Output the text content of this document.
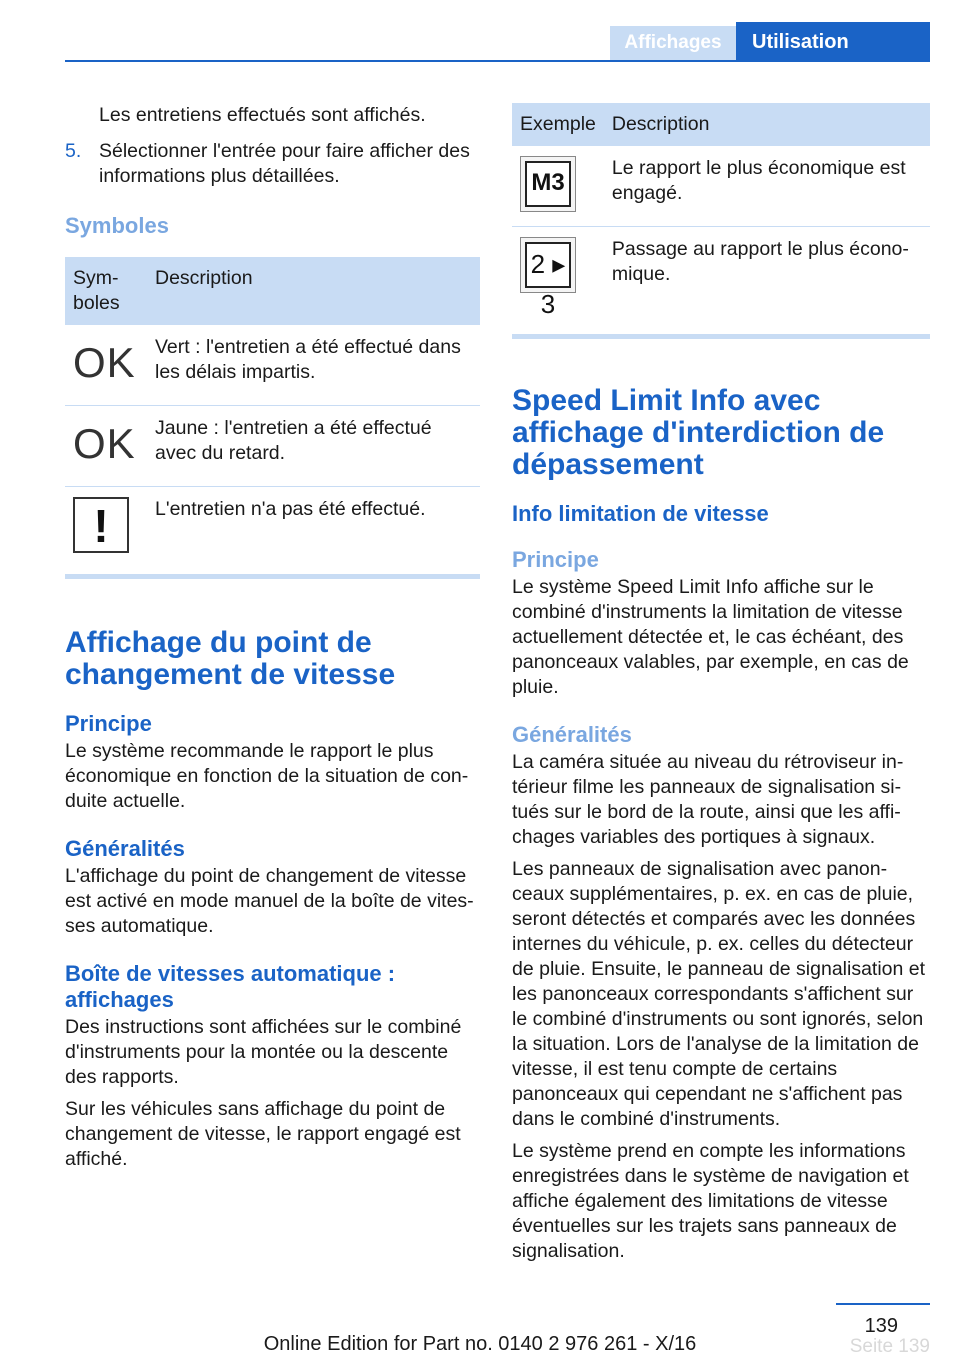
Affichages	Utilisation

Les entretiens effectués sont affichés.

5. Sélectionner l'entrée pour faire afficher des informations plus détaillées.
Symboles
Symboles	Description
OK	Vert : l'entretien a été effectué dans les délais impartis.
OK	Jaune : l'entretien a été effectué avec du retard.

!	L'entretien n'a pas été effectué.
Affichage du point de changement de vitesse
Principe

Le système recommande le rapport le plus économique en fonction de la situation de conduite actuelle.

Généralités

L'affichage du point de changement de vitesse est activé en mode manuel de la boîte de vitesses automatique.

Boîte de vitesses automatique : affichages

Des instructions sont affichées sur le combiné d'instruments pour la montée ou la descente des rapports.

Sur les véhicules sans affichage du point de changement de vitesse, le rapport engagé est affiché.

Exemple	Description

M3	Le rapport le plus économique est engagé.

2 ▸ 3	Passage au rapport le plus économique.
Speed Limit Info avec affichage d'interdiction de dépassement
Info limitation de vitesse
Principe

Le système Speed Limit Info affiche sur le combiné d'instruments la limitation de vitesse actuellement détectée et, le cas échéant, des panonceaux valables, par exemple, en cas de pluie.

Généralités

La caméra située au niveau du rétroviseur intérieur filme les panneaux de signalisation situés sur le bord de la route, ainsi que les affichages variables des portiques à signaux.

Les panneaux de signalisation avec panonceaux supplémentaires, p. ex. en cas de pluie, seront détectés et comparés avec les données internes du véhicule, p. ex. celles du détecteur de pluie. Ensuite, le panneau de signalisation et les panonceaux correspondants s'affichent sur le combiné d'instruments ou sont ignorés, selon la situation. Lors de l'analyse de la limitation de vitesse, il est tenu compte de certains panonceaux qui cependant ne s'affichent pas dans le combiné d'instruments.

Le système prend en compte les informations enregistrées dans le système de navigation et affiche également des limitations de vitesse éventuelles sur les trajets sans panneaux de signalisation.

139
Online Edition for Part no. 0140 2 976 261 - X/16	Seite 139
